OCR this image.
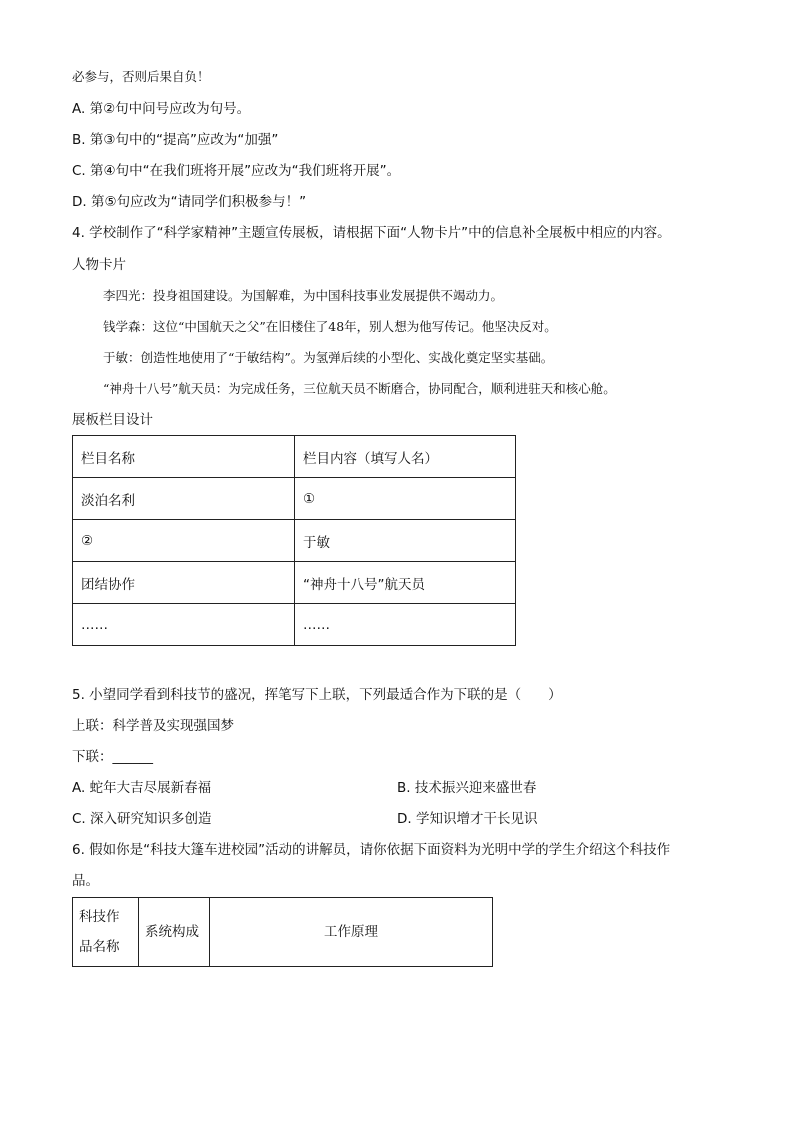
必参与，否则后果自负！
A. 第②句中问号应改为句号。
B. 第③句中的“提高”应改为“加强”
C. 第④句中“在我们班将开展”应改为“我们班将开展”。
D. 第⑤句应改为“请同学们积极参与！”
4. 学校制作了“科学家精神”主题宣传展板，请根据下面“人物卡片”中的信息补全展板中相应的内容。
人物卡片
李四光：投身祖国建设。为国解难，为中国科技事业发展提供不竭动力。
钱学森：这位“中国航天之父”在旧楼住了48年，别人想为他写传记。他坚决反对。
于敏：创造性地使用了“于敏结构”。为氢弹后续的小型化、实战化奠定坚实基础。
“神舟十八号”航天员：为完成任务，三位航天员不断磨合，协同配合，顺利进驻天和核心舱。
展板栏目设计
栏目名称	栏目内容（填写人名）
淡泊名利	①
②	于敏
团结协作	“神舟十八号”航天员
……	……
5. 小望同学看到科技节的盛况，挥笔写下上联，下列最适合作为下联的是（　　）
上联：科学普及实现强国梦
下联：______
A. 蛇年大吉尽展新春福	B. 技术振兴迎来盛世春
C. 深入研究知识多创造	D. 学知识增才干长见识
6. 假如你是“科技大篷车进校园”活动的讲解员，请你依据下面资料为光明中学的学生介绍这个科技作
品。
科技作品名称	系统构成	工作原理
